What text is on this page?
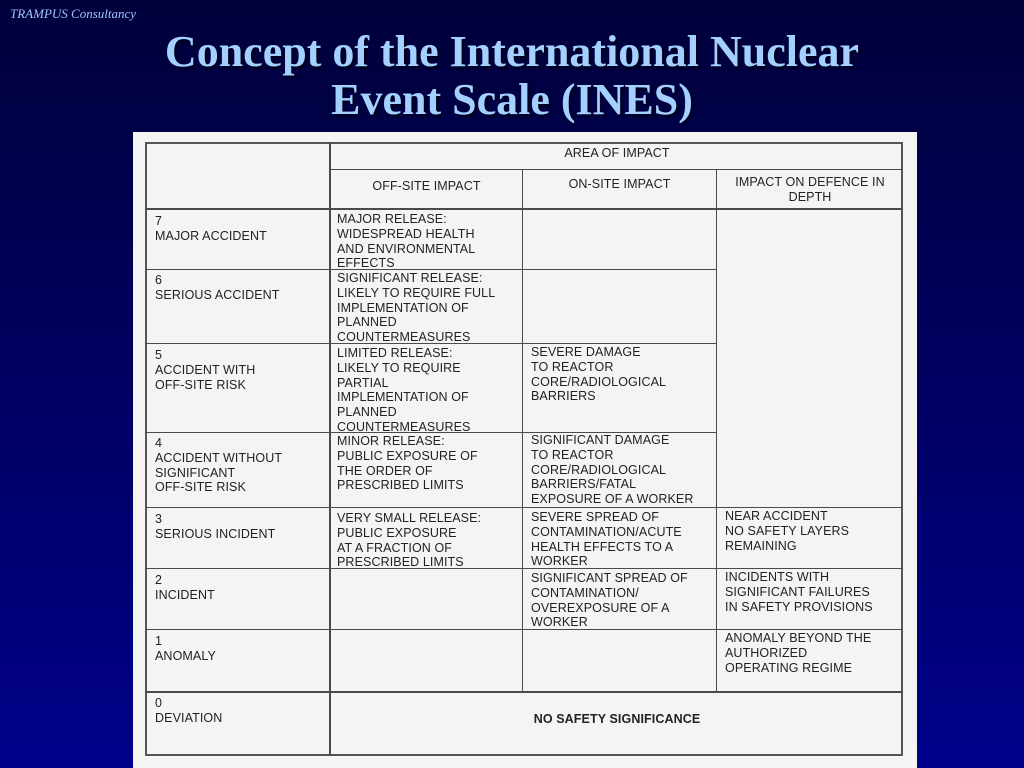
TRAMPUS Consultancy
Concept of the International Nuclear
Event Scale (INES)
AREA OF IMPACT
OFF-SITE IMPACT	ON-SITE IMPACT	IMPACT ON DEFENCE IN
DEPTH
7
MAJOR ACCIDENT
6
SERIOUS ACCIDENT
5
ACCIDENT WITH
OFF-SITE RISK
4
ACCIDENT WITHOUT
SIGNIFICANT
OFF-SITE RISK
3
SERIOUS INCIDENT
2
INCIDENT
1
ANOMALY
0
DEVIATION
MAJOR RELEASE:
WIDESPREAD HEALTH
AND ENVIRONMENTAL
EFFECTS
SIGNIFICANT RELEASE:
LIKELY TO REQUIRE FULL
IMPLEMENTATION OF
PLANNED
COUNTERMEASURES
LIMITED RELEASE:
LIKELY TO REQUIRE
PARTIAL
IMPLEMENTATION OF
PLANNED
COUNTERMEASURES
MINOR RELEASE:
PUBLIC EXPOSURE OF
THE ORDER OF
PRESCRIBED LIMITS
VERY SMALL RELEASE:
PUBLIC EXPOSURE
AT A FRACTION OF
PRESCRIBED LIMITS
SEVERE DAMAGE
TO REACTOR
CORE/RADIOLOGICAL
BARRIERS
SIGNIFICANT DAMAGE
TO REACTOR
CORE/RADIOLOGICAL
BARRIERS/FATAL
EXPOSURE OF A WORKER
SEVERE SPREAD OF
CONTAMINATION/ACUTE
HEALTH EFFECTS TO A
WORKER
SIGNIFICANT SPREAD OF
CONTAMINATION/
OVEREXPOSURE OF A
WORKER
NEAR ACCIDENT
NO SAFETY LAYERS
REMAINING
INCIDENTS WITH
SIGNIFICANT FAILURES
IN SAFETY PROVISIONS
ANOMALY BEYOND THE
AUTHORIZED
OPERATING REGIME
NO SAFETY SIGNIFICANCE
